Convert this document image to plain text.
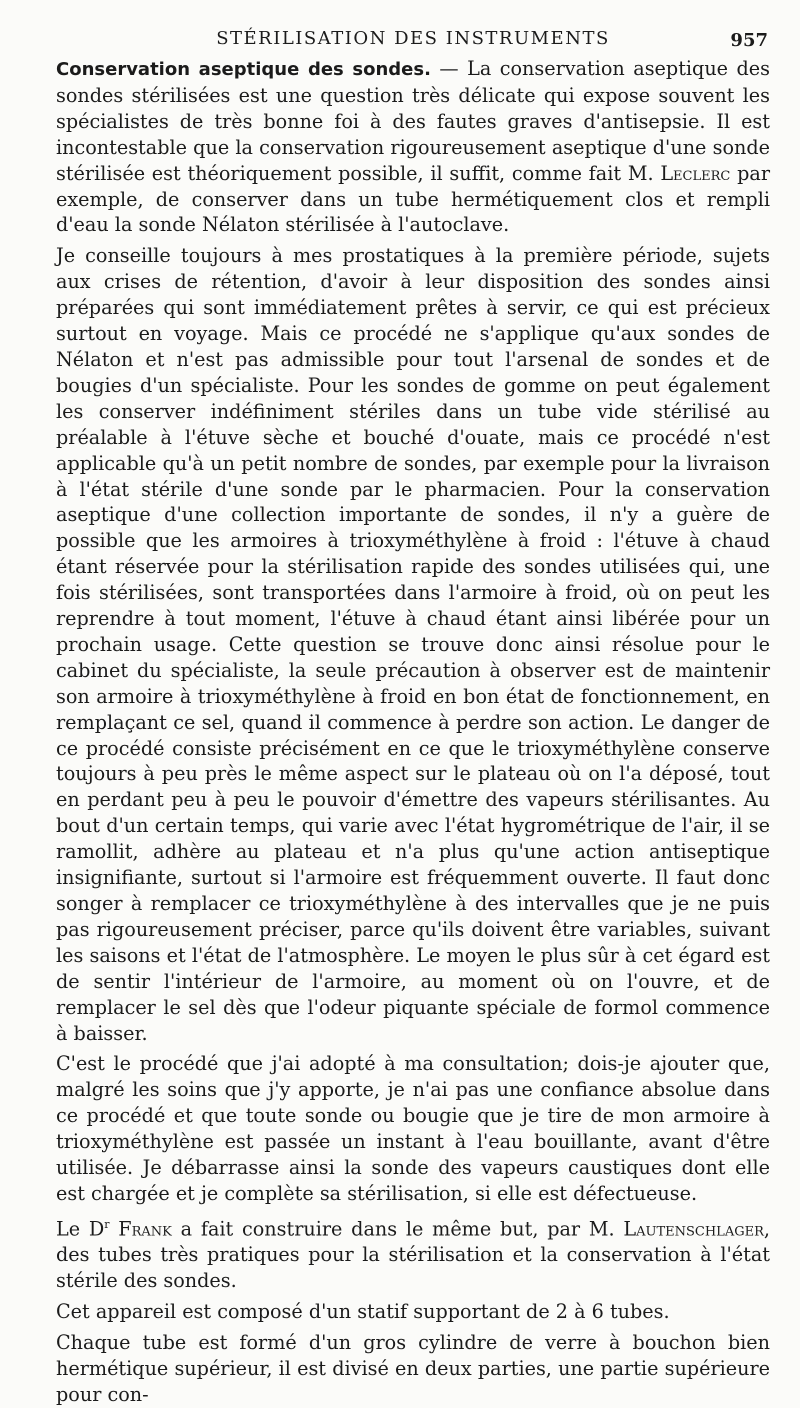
STÉRILISATION DES INSTRUMENTS	957

Conservation aseptique des sondes. — La conservation aseptique des sondes stérilisées est une question très délicate qui expose souvent les spécialistes de très bonne foi à des fautes graves d'antisepsie. Il est incontestable que la conservation rigoureusement aseptique d'une sonde stérilisée est théoriquement possible, il suffit, comme fait M. Leclerc par exemple, de conserver dans un tube hermétiquement clos et rempli d'eau la sonde Nélaton stérilisée à l'autoclave.

Je conseille toujours à mes prostatiques à la première période, sujets aux crises de rétention, d'avoir à leur disposition des sondes ainsi préparées qui sont immédiatement prêtes à servir, ce qui est précieux surtout en voyage. Mais ce procédé ne s'applique qu'aux sondes de Nélaton et n'est pas admissible pour tout l'arsenal de sondes et de bougies d'un spécialiste. Pour les sondes de gomme on peut également les conserver indéfiniment stériles dans un tube vide stérilisé au préalable à l'étuve sèche et bouché d'ouate, mais ce procédé n'est applicable qu'à un petit nombre de sondes, par exemple pour la livraison à l'état stérile d'une sonde par le pharmacien. Pour la conservation aseptique d'une collection importante de sondes, il n'y a guère de possible que les armoires à trioxyméthylène à froid : l'étuve à chaud étant réservée pour la stérilisation rapide des sondes utilisées qui, une fois stérilisées, sont transportées dans l'armoire à froid, où on peut les reprendre à tout moment, l'étuve à chaud étant ainsi libérée pour un prochain usage. Cette question se trouve donc ainsi résolue pour le cabinet du spécialiste, la seule précaution à observer est de maintenir son armoire à trioxyméthylène à froid en bon état de fonctionnement, en remplaçant ce sel, quand il commence à perdre son action. Le danger de ce procédé consiste précisément en ce que le trioxyméthylène conserve toujours à peu près le même aspect sur le plateau où on l'a déposé, tout en perdant peu à peu le pouvoir d'émettre des vapeurs stérilisantes. Au bout d'un certain temps, qui varie avec l'état hygrométrique de l'air, il se ramollit, adhère au plateau et n'a plus qu'une action antiseptique insignifiante, surtout si l'armoire est fréquemment ouverte. Il faut donc songer à remplacer ce trioxyméthylène à des intervalles que je ne puis pas rigoureusement préciser, parce qu'ils doivent être variables, suivant les saisons et l'état de l'atmosphère. Le moyen le plus sûr à cet égard est de sentir l'intérieur de l'armoire, au moment où on l'ouvre, et de remplacer le sel dès que l'odeur piquante spéciale de formol commence à baisser.

C'est le procédé que j'ai adopté à ma consultation; dois-je ajouter que, malgré les soins que j'y apporte, je n'ai pas une confiance absolue dans ce procédé et que toute sonde ou bougie que je tire de mon armoire à trioxyméthylène est passée un instant à l'eau bouillante, avant d'être utilisée. Je débarrasse ainsi la sonde des vapeurs caustiques dont elle est chargée et je complète sa stérilisation, si elle est défectueuse.

Le $D^r$ Frank a fait construire dans le même but, par M. Lautenschlager, des tubes très pratiques pour la stérilisation et la conservation à l'état stérile des sondes.

Cet appareil est composé d'un statif supportant de 2 à 6 tubes.

Chaque tube est formé d'un gros cylindre de verre à bouchon bien hermétique supérieur, il est divisé en deux parties, une partie supérieure pour con-
